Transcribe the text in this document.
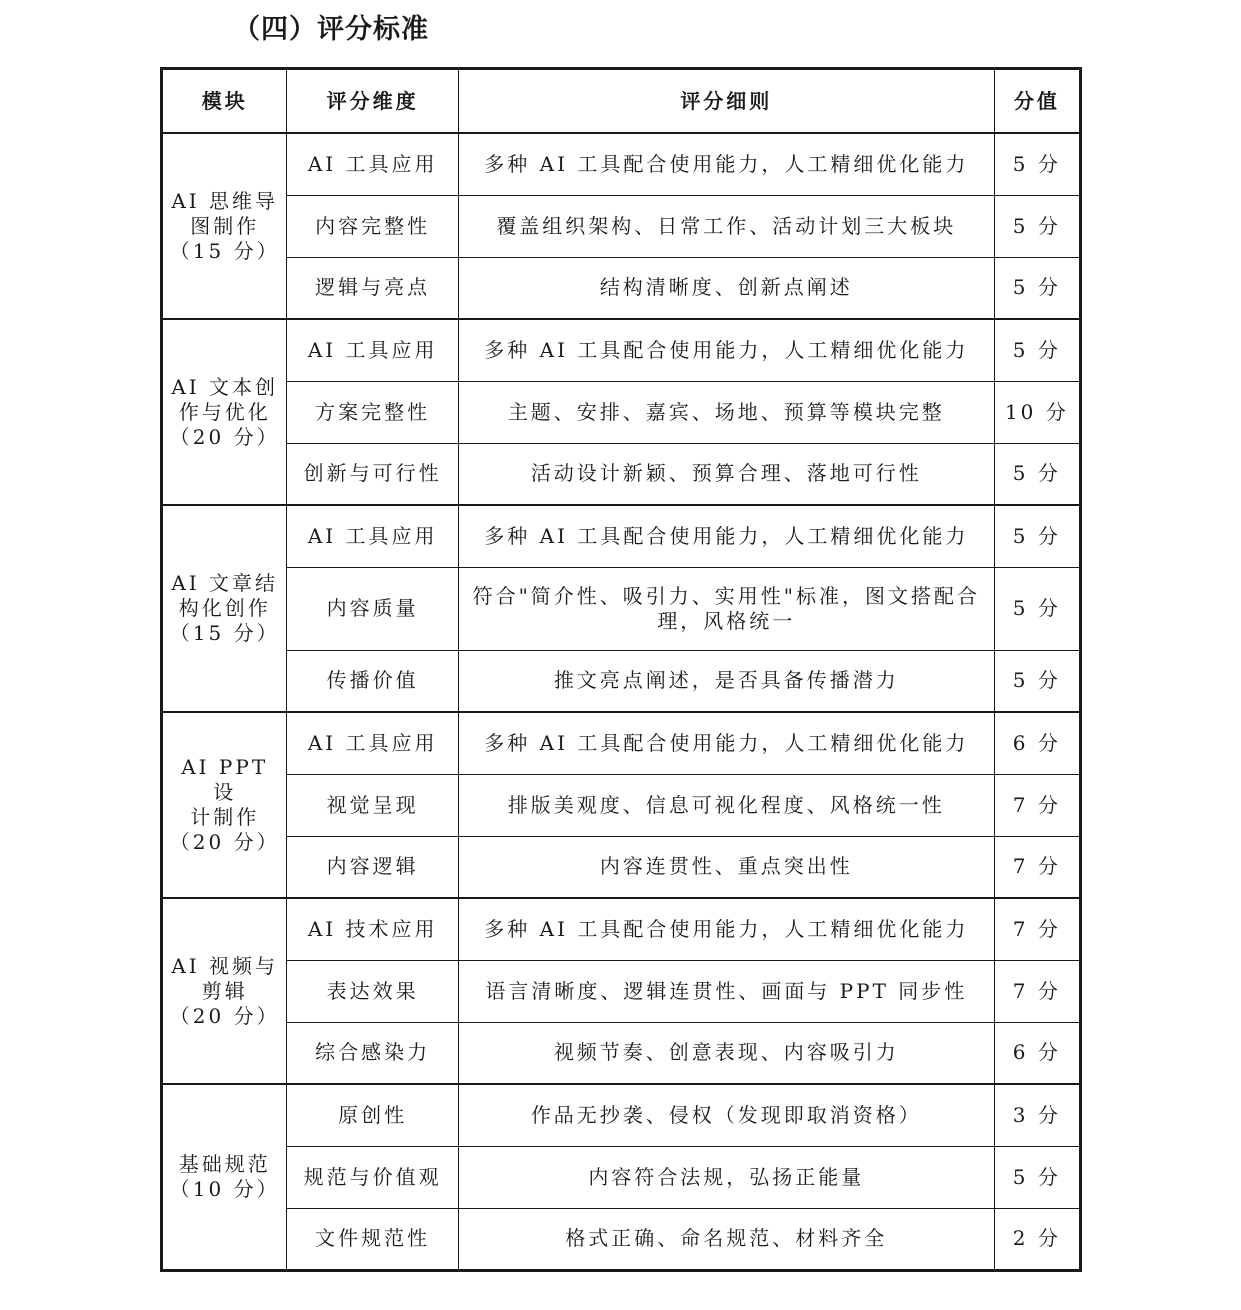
（四）评分标准
模块	评分维度	评分细则	分值

AI 思维导
图制作
（15 分）	AI 工具应用	多种 AI 工具配合使用能力，人工精细优化能力	5 分
	内容完整性	覆盖组织架构、日常工作、活动计划三大板块	5 分
	逻辑与亮点	结构清晰度、创新点阐述	5 分

AI 文本创
作与优化
（20 分）	AI 工具应用	多种 AI 工具配合使用能力，人工精细优化能力	5 分
	方案完整性	主题、安排、嘉宾、场地、预算等模块完整	10 分
	创新与可行性	活动设计新颖、预算合理、落地可行性	5 分

AI 文章结
构化创作
（15 分）	AI 工具应用	多种 AI 工具配合使用能力，人工精细优化能力	5 分
	内容质量	符合"简介性、吸引力、实用性"标准，图文搭配合理，风格统一	5 分
	传播价值	推文亮点阐述，是否具备传播潜力	5 分

AI PPT 设
计制作
（20 分）	AI 工具应用	多种 AI 工具配合使用能力，人工精细优化能力	6 分
	视觉呈现	排版美观度、信息可视化程度、风格统一性	7 分
	内容逻辑	内容连贯性、重点突出性	7 分

AI 视频与
剪辑
（20 分）	AI 技术应用	多种 AI 工具配合使用能力，人工精细优化能力	7 分
	表达效果	语言清晰度、逻辑连贯性、画面与 PPT 同步性	7 分
	综合感染力	视频节奏、创意表现、内容吸引力	6 分

基础规范
（10 分）	原创性	作品无抄袭、侵权（发现即取消资格）	3 分
	规范与价值观	内容符合法规，弘扬正能量	5 分
	文件规范性	格式正确、命名规范、材料齐全	2 分
